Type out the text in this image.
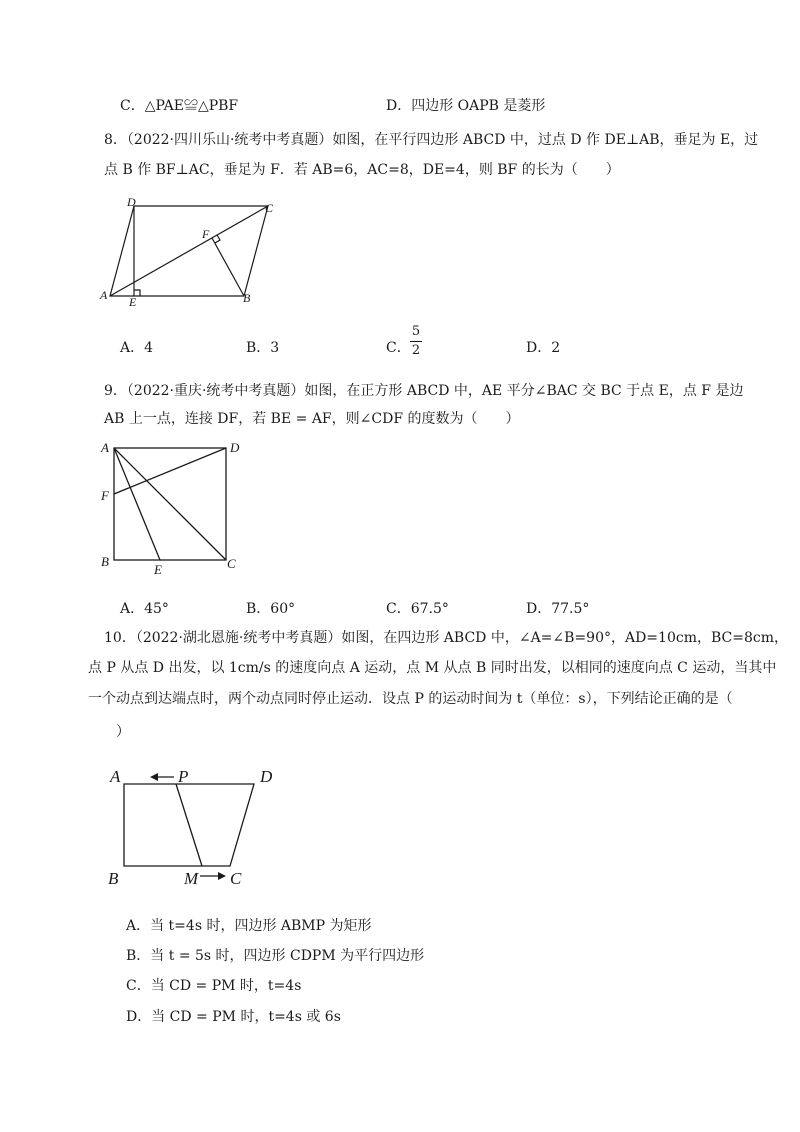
C．△PAE≌△PBF	D．四边形 OAPB 是菱形
8．（2022·四川乐山·统考中考真题）如图，在平行四边形 ABCD 中，过点 D 作 DE⊥AB，垂足为 E，过
点 B 作 BF⊥AC，垂足为 F．若 AB=6，AC=8，DE=4，则 BF 的长为（　　）
A	B
C
D
E
F
A．4	B．3	C．
5
2	D．2
9．（2022·重庆·统考中考真题）如图，在正方形 ABCD 中，AE 平分∠BAC 交 BC 于点 E，点 F 是边
AB 上一点，连接 DF，若 BE = AF，则∠CDF 的度数为（　　）
A	D
F
B
E	C
A．45°	B．60°	C．67.5°	D．77.5°
10．（2022·湖北恩施·统考中考真题）如图，在四边形 ABCD 中，∠A=∠B=90°，AD=10cm，BC=8cm，
点 P 从点 D 出发，以 1cm/s 的速度向点 A 运动，点 M 从点 B 同时出发，以相同的速度向点 C 运动，当其中
一个动点到达端点时，两个动点同时停止运动．设点 P 的运动时间为 t（单位：s），下列结论正确的是（
）
A	P	D
B	M C
A．当 t=4s 时，四边形 ABMP 为矩形
B．当 t = 5s 时，四边形 CDPM 为平行四边形
C．当 CD = PM 时，t=4s
D．当 CD = PM 时，t=4s 或 6s
